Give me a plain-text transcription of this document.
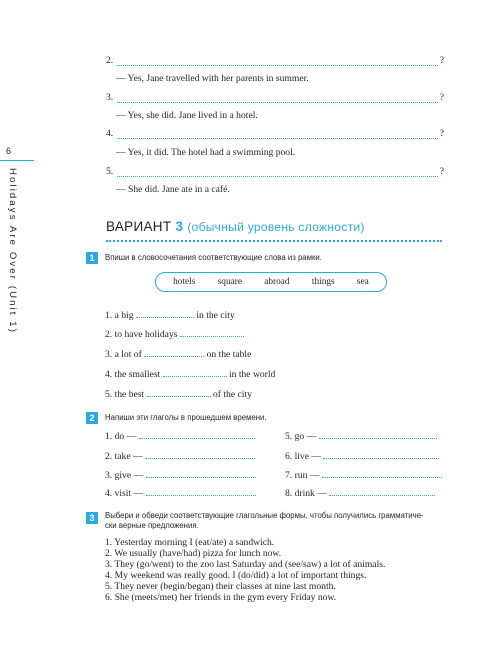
6
Holidays Are Over (Unit 1)
2.	?
— Yes, Jane travelled with her parents in summer.
3.	?
— Yes, she did. Jane lived in a hotel.
4.	?
— Yes, it did. The hotel had a swimming pool.
5.	?
— She did. Jane ate in a café.
ВАРИАНТ 3 (обычный уровень сложности)
1	Впиши в словосочетания соответствующие слова из рамки.
hotels square abroad things sea
1. a big	in the city
2. to have holidays
3. a lot of	on the table
4. the smallest	in the world
5. the best	of the city
2	Напиши эти глаголы в прошедшем времени.
1. do —
2. take —
3. give —
4. visit —
5. go —
6. live —
7. run —
8. drink —
3	Выбери и обведи соответствующие глагольные формы, чтобы получились грамматиче-
ски верные предложения.
1. Yesterday morning I (eat/ate) a sandwich.
2. We usually (have/had) pizza for lunch now.
3. They (go/went) to the zoo last Saturday and (see/saw) a lot of animals.
4. My weekend was really good. I (do/did) a lot of important things.
5. They never (begin/began) their classes at nine last month.
6. She (meets/met) her friends in the gym every Friday now.
